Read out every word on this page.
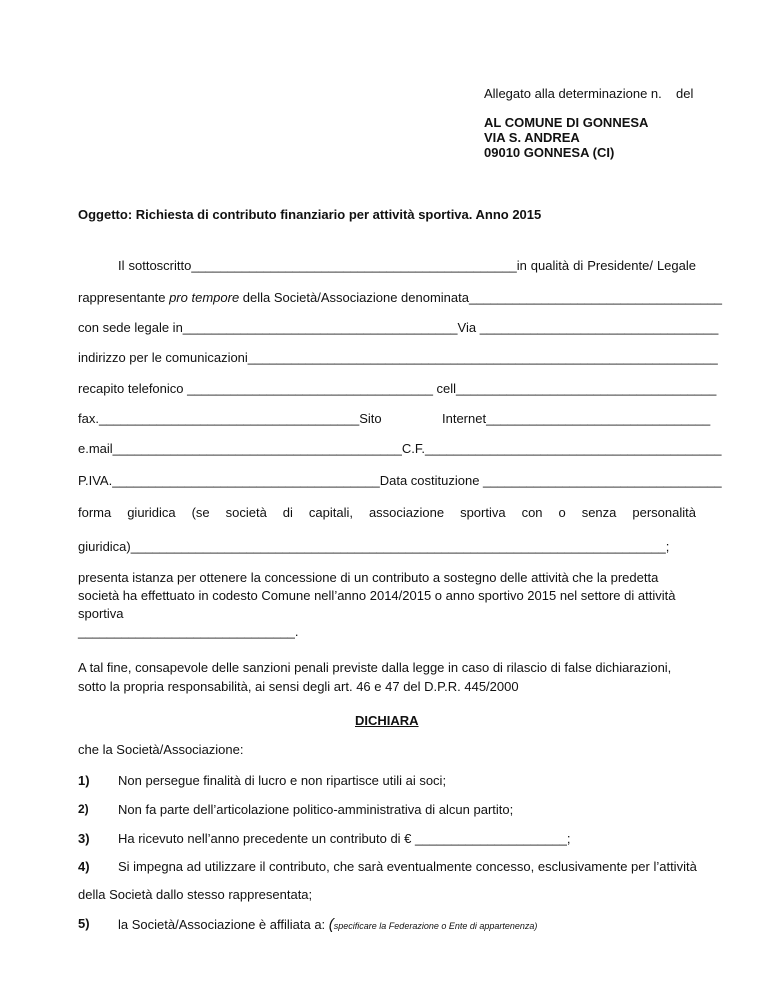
Allegato alla determinazione n. del
AL COMUNE DI GONNESA
VIA S. ANDREA
09010 GONNESA (CI)
Oggetto: Richiesta di contributo finanziario per attività sportiva. Anno 2015
Il sottoscritto_____________________________________________in qualità di Presidente/ Legale
rappresentante pro tempore della Società/Associazione denominata___________________________________
con sede legale in______________________________________Via _________________________________
indirizzo per le comunicazioni_________________________________________________________________
recapito telefonico __________________________________ cell____________________________________
fax.____________________________________Sito	Internet_______________________________
e.mail________________________________________C.F._________________________________________
P.IVA._____________________________________Data costituzione _________________________________
forma giuridica (se società di capitali, associazione sportiva con o senza personalità
giuridica)__________________________________________________________________________;
presenta istanza per ottenere la concessione di un contributo a sostegno delle attività che la predetta società ha effettuato in codesto Comune nell’anno 2014/2015 o anno sportivo 2015 nel settore di attività sportiva
______________________________.
A tal fine, consapevole delle sanzioni penali previste dalla legge in caso di rilascio di false dichiarazioni, sotto la propria responsabilità, ai sensi degli art. 46 e 47 del D.P.R. 445/2000
DICHIARA
che la Società/Associazione:
1) Non persegue finalità di lucro e non ripartisce utili ai soci;
2) Non fa parte dell’articolazione politico-amministrativa di alcun partito;
3) Ha ricevuto nell’anno precedente un contributo di € _____________________;
4) Si impegna ad utilizzare il contributo, che sarà eventualmente concesso, esclusivamente per l’attività
della Società dallo stesso rappresentata;
5) la Società/Associazione è affiliata a: (specificare la Federazione o Ente di appartenenza)
